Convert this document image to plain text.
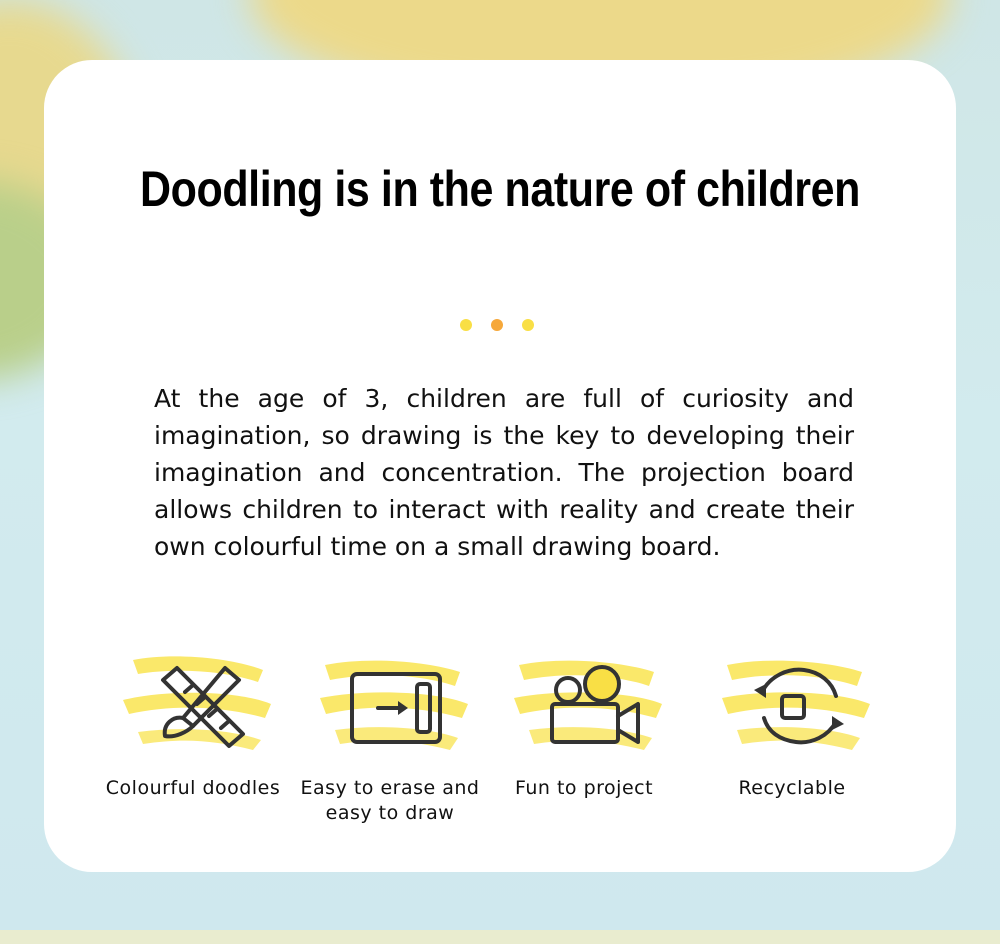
Doodling is in the nature of children
At the age of 3, children are full of curiosity and imagination, so drawing is the key to developing their imagination and concentration. The projection board allows children to interact with reality and create their own colourful time on a small drawing board.
Colourful doodles	Easy to erase and easy to draw
Fun to project	Recyclable
